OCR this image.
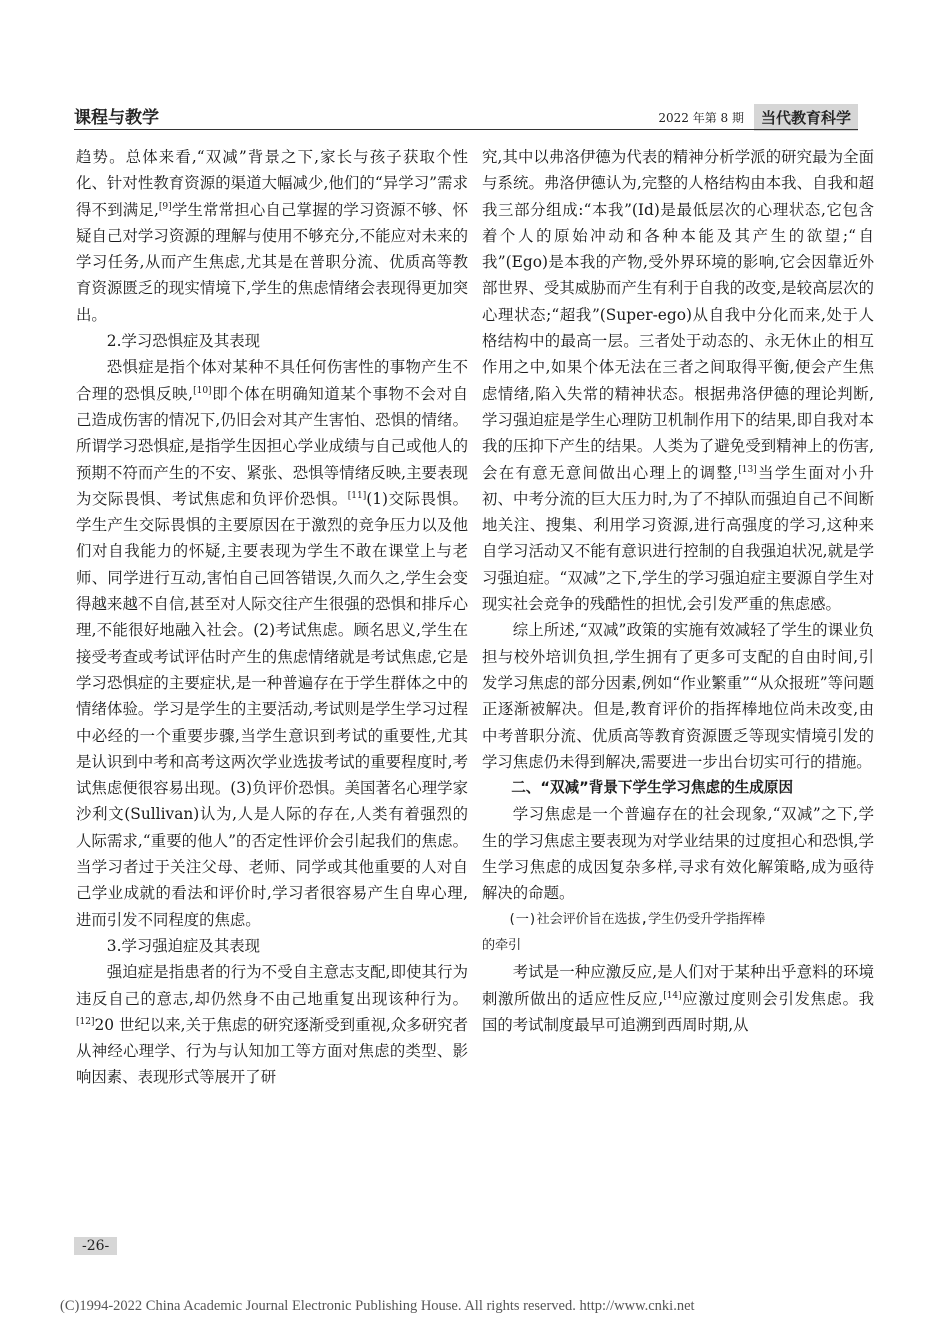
课程与教学	2022 年第 8 期	当代教育科学

趋势。总体来看,“双减”背景之下,家长与孩子获取个性化、针对性教育资源的渠道大幅减少,他们的“异学习”需求得不到满足,[9]学生常常担心自己掌握的学习资源不够、怀疑自己对学习资源的理解与使用不够充分,不能应对未来的学习任务,从而产生焦虑,尤其是在普职分流、优质高等教育资源匮乏的现实情境下,学生的焦虑情绪会表现得更加突出。

2.学习恐惧症及其表现

恐惧症是指个体对某种不具任何伤害性的事物产生不合理的恐惧反映,[10]即个体在明确知道某个事物不会对自己造成伤害的情况下,仍旧会对其产生害怕、恐惧的情绪。所谓学习恐惧症,是指学生因担心学业成绩与自己或他人的预期不符而产生的不安、紧张、恐惧等情绪反映,主要表现为交际畏惧、考试焦虑和负评价恐惧。[11](1)交际畏惧。学生产生交际畏惧的主要原因在于激烈的竞争压力以及他们对自我能力的怀疑,主要表现为学生不敢在课堂上与老师、同学进行互动,害怕自己回答错误,久而久之,学生会变得越来越不自信,甚至对人际交往产生很强的恐惧和排斥心理,不能很好地融入社会。(2)考试焦虑。顾名思义,学生在接受考查或考试评估时产生的焦虑情绪就是考试焦虑,它是学习恐惧症的主要症状,是一种普遍存在于学生群体之中的情绪体验。学习是学生的主要活动,考试则是学生学习过程中必经的一个重要步骤,当学生意识到考试的重要性,尤其是认识到中考和高考这两次学业选拔考试的重要程度时,考试焦虑便很容易出现。(3)负评价恐惧。美国著名心理学家沙利文(Sullivan)认为,人是人际的存在,人类有着强烈的人际需求,“重要的他人”的否定性评价会引起我们的焦虑。当学习者过于关注父母、老师、同学或其他重要的人对自己学业成就的看法和评价时,学习者很容易产生自卑心理,进而引发不同程度的焦虑。

3.学习强迫症及其表现

强迫症是指患者的行为不受自主意志支配,即使其行为违反自己的意志,却仍然身不由己地重复出现该种行为。[12]20 世纪以来,关于焦虑的研究逐渐受到重视,众多研究者从神经心理学、行为与认知加工等方面对焦虑的类型、影响因素、表现形式等展开了研

究,其中以弗洛伊德为代表的精神分析学派的研究最为全面与系统。弗洛伊德认为,完整的人格结构由本我、自我和超我三部分组成:“本我”(Id)是最低层次的心理状态,它包含着个人的原始冲动和各种本能及其产生的欲望;“自我”(Ego)是本我的产物,受外界环境的影响,它会因靠近外部世界、受其威胁而产生有利于自我的改变,是较高层次的心理状态;“超我”(Super-ego)从自我中分化而来,处于人格结构中的最高一层。三者处于动态的、永无休止的相互作用之中,如果个体无法在三者之间取得平衡,便会产生焦虑情绪,陷入失常的精神状态。根据弗洛伊德的理论判断,学习强迫症是学生心理防卫机制作用下的结果,即自我对本我的压抑下产生的结果。人类为了避免受到精神上的伤害,会在有意无意间做出心理上的调整,[13]当学生面对小升初、中考分流的巨大压力时,为了不掉队而强迫自己不间断地关注、搜集、利用学习资源,进行高强度的学习,这种来自学习活动又不能有意识进行控制的自我强迫状况,就是学习强迫症。“双减”之下,学生的学习强迫症主要源自学生对现实社会竞争的残酷性的担忧,会引发严重的焦虑感。

综上所述,“双减”政策的实施有效减轻了学生的课业负担与校外培训负担,学生拥有了更多可支配的自由时间,引发学习焦虑的部分因素,例如“作业繁重”“从众报班”等问题正逐渐被解决。但是,教育评价的指挥棒地位尚未改变,由中考普职分流、优质高等教育资源匮乏等现实情境引发的学习焦虑仍未得到解决,需要进一步出台切实可行的措施。

二、“双减”背景下学生学习焦虑的生成原因

学习焦虑是一个普遍存在的社会现象,“双减”之下,学生的学习焦虑主要表现为对学业结果的过度担心和恐惧,学生学习焦虑的成因复杂多样,寻求有效化解策略,成为亟待解决的命题。

(一)社会评价旨在选拔,学生仍受升学指挥棒
的牵引

考试是一种应激反应,是人们对于某种出乎意料的环境刺激所做出的适应性反应,[14]应激过度则会引发焦虑。我国的考试制度最早可追溯到西周时期,从

-26-
(C)1994-2022 China Academic Journal Electronic Publishing House. All rights reserved. http://www.cnki.net
